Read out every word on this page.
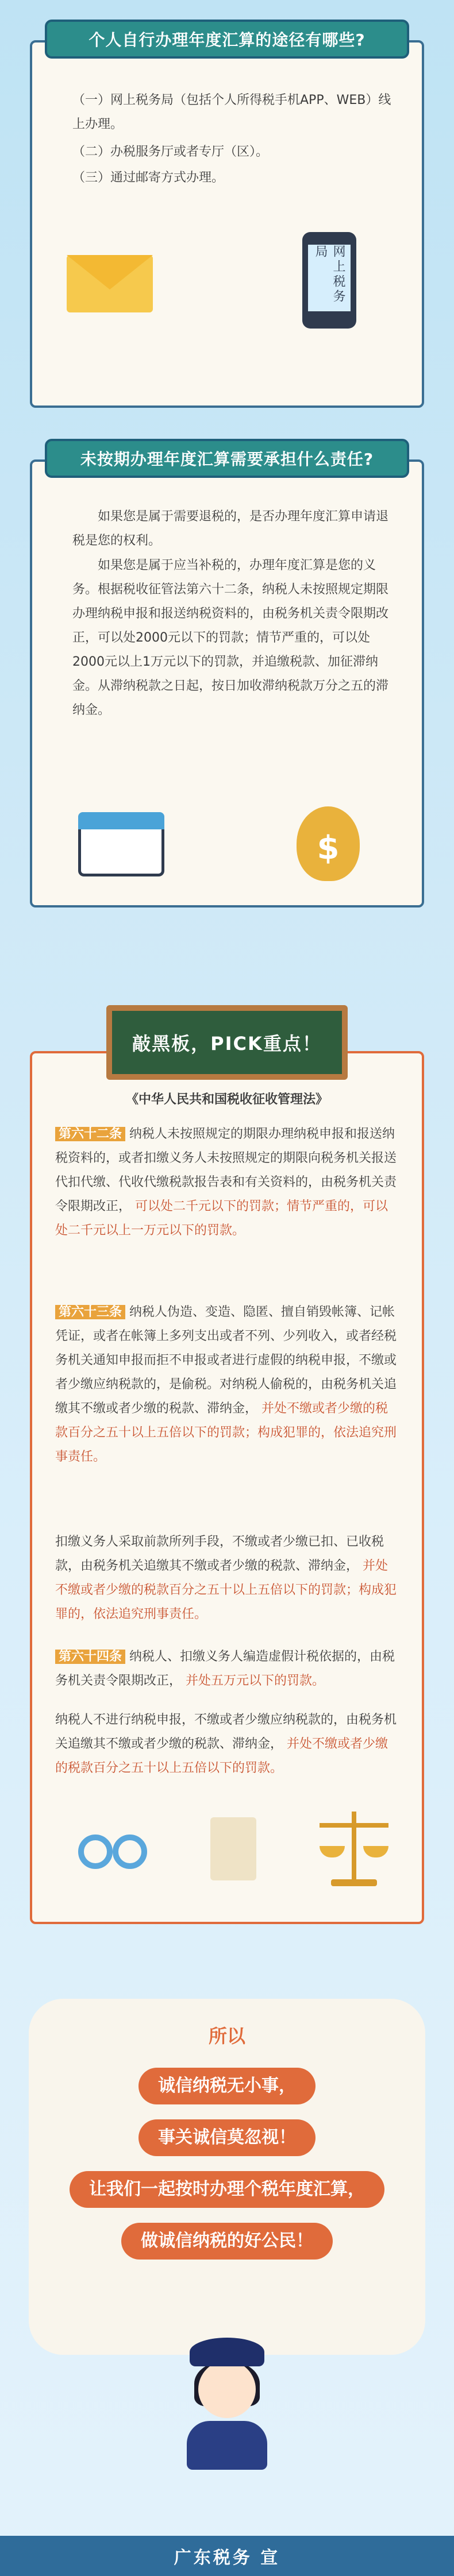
个人自行办理年度汇算的途径有哪些?
（一）网上税务局（包括个人所得税手机APP、WEB）线上办理。
（二）办税服务厅或者专厅（区）。
（三）通过邮寄方式办理。
网上税务局
未按期办理年度汇算需要承担什么责任?
如果您是属于需要退税的，是否办理年度汇算申请退税是您的权利。
如果您是属于应当补税的，办理年度汇算是您的义务。根据税收征管法第六十二条，纳税人未按照规定期限办理纳税申报和报送纳税资料的，由税务机关责令限期改正，可以处2000元以下的罚款；情节严重的，可以处2000元以上1万元以下的罚款，并追缴税款、加征滞纳金。从滞纳税款之日起，按日加收滞纳税款万分之五的滞纳金。
$
《中华人民共和国税收征收管理法》
第六十二条 纳税人未按照规定的期限办理纳税申报和报送纳税资料的，或者扣缴义务人未按照规定的期限向税务机关报送代扣代缴、代收代缴税款报告表和有关资料的，由税务机关责令限期改正， 可以处二千元以下的罚款；情节严重的，可以处二千元以上一万元以下的罚款。
第六十三条 纳税人伪造、变造、隐匿、擅自销毁帐簿、记帐凭证，或者在帐簿上多列支出或者不列、少列收入，或者经税务机关通知申报而拒不申报或者进行虚假的纳税申报，不缴或者少缴应纳税款的，是偷税。对纳税人偷税的，由税务机关追缴其不缴或者少缴的税款、滞纳金， 并处不缴或者少缴的税款百分之五十以上五倍以下的罚款；构成犯罪的，依法追究刑事责任。
扣缴义务人采取前款所列手段，不缴或者少缴已扣、已收税款，由税务机关追缴其不缴或者少缴的税款、滞纳金， 并处不缴或者少缴的税款百分之五十以上五倍以下的罚款；构成犯罪的，依法追究刑事责任。
第六十四条 纳税人、扣缴义务人编造虚假计税依据的，由税务机关责令限期改正， 并处五万元以下的罚款。
纳税人不进行纳税申报，不缴或者少缴应纳税款的，由税务机关追缴其不缴或者少缴的税款、滞纳金， 并处不缴或者少缴的税款百分之五十以上五倍以下的罚款。
敲黑板，PICK重点！
所以
诚信纳税无小事，
事关诚信莫忽视！
让我们一起按时办理个税年度汇算，
做诚信纳税的好公民！
广东税务 宣
